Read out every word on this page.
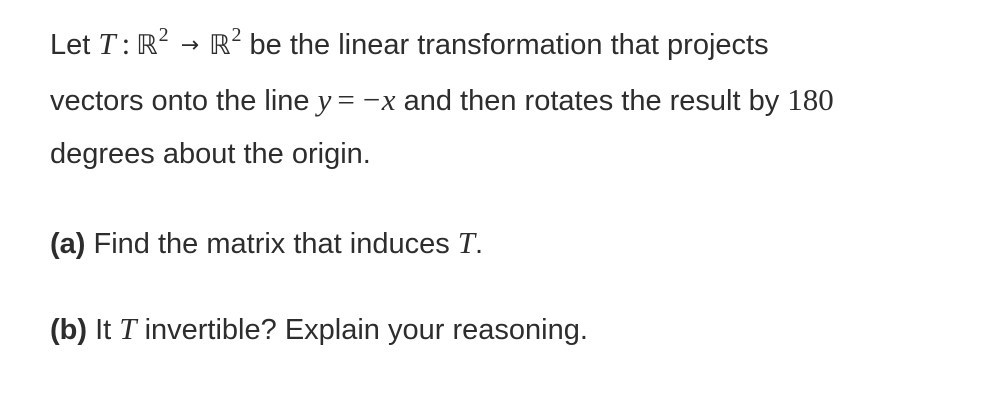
Let T : ℝ$^2$ → ℝ$^2$ be the linear transformation that projects
vectors onto the line y = −x and then rotates the result by 180
degrees about the origin.
(a) Find the matrix that induces T.
(b) It T invertible? Explain your reasoning.
